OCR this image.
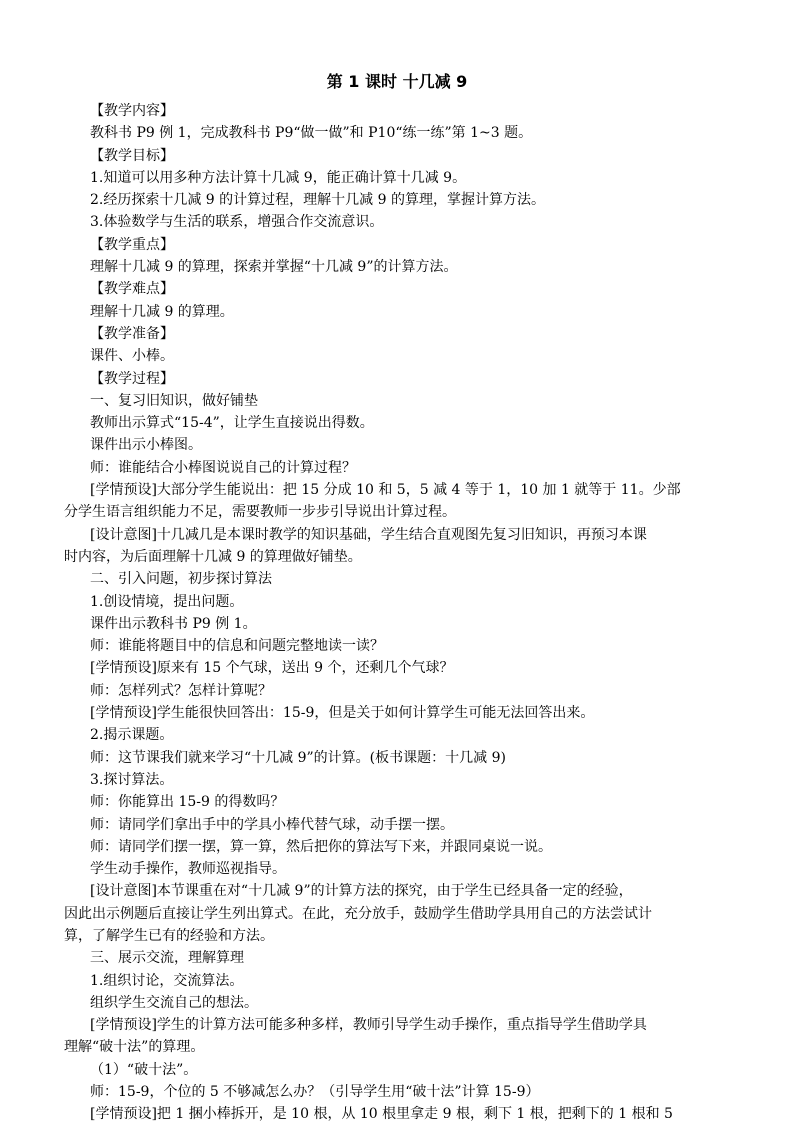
第 1 课时 十几减 9

【教学内容】

教科书 P9 例 1，完成教科书 P9“做一做”和 P10“练一练”第 1~3 题。

【教学目标】

1.知道可以用多种方法计算十几减 9，能正确计算十几减 9。

2.经历探索十几减 9 的计算过程，理解十几减 9 的算理，掌握计算方法。

3.体验数学与生活的联系，增强合作交流意识。

【教学重点】

理解十几减 9 的算理，探索并掌握“十几减 9”的计算方法。

【教学难点】

理解十几减 9 的算理。

【教学准备】

课件、小棒。

【教学过程】

一、复习旧知识，做好铺垫

教师出示算式“15-4”，让学生直接说出得数。

课件出示小棒图。

师：谁能结合小棒图说说自己的计算过程？

[学情预设]大部分学生能说出：把 15 分成 10 和 5，5 减 4 等于 1，10 加 1 就等于 11。少部

分学生语言组织能力不足，需要教师一步步引导说出计算过程。

[设计意图]十几减几是本课时教学的知识基础，学生结合直观图先复习旧知识，再预习本课

时内容，为后面理解十几减 9 的算理做好铺垫。

二、引入问题，初步探讨算法

1.创设情境，提出问题。

课件出示教科书 P9 例 1。

师：谁能将题目中的信息和问题完整地读一读？

[学情预设]原来有 15 个气球，送出 9 个，还剩几个气球？

师：怎样列式？怎样计算呢？

[学情预设]学生能很快回答出：15-9，但是关于如何计算学生可能无法回答出来。

2.揭示课题。

师：这节课我们就来学习“十几减 9”的计算。(板书课题：十几减 9)

3.探讨算法。

师：你能算出 15-9 的得数吗？

师：请同学们拿出手中的学具小棒代替气球，动手摆一摆。

师：请同学们摆一摆，算一算，然后把你的算法写下来，并跟同桌说一说。

学生动手操作，教师巡视指导。

[设计意图]本节课重在对“十几减 9”的计算方法的探究，由于学生已经具备一定的经验，

因此出示例题后直接让学生列出算式。在此，充分放手，鼓励学生借助学具用自己的方法尝试计

算，了解学生已有的经验和方法。

三、展示交流，理解算理

1.组织讨论，交流算法。

组织学生交流自己的想法。

[学情预设]学生的计算方法可能多种多样，教师引导学生动手操作，重点指导学生借助学具

理解“破十法”的算理。

（1）“破十法”。

师：15-9，个位的 5 不够减怎么办？（引导学生用“破十法”计算 15-9）

[学情预设]把 1 捆小棒拆开，是 10 根，从 10 根里拿走 9 根，剩下 1 根，把剩下的 1 根和 5
